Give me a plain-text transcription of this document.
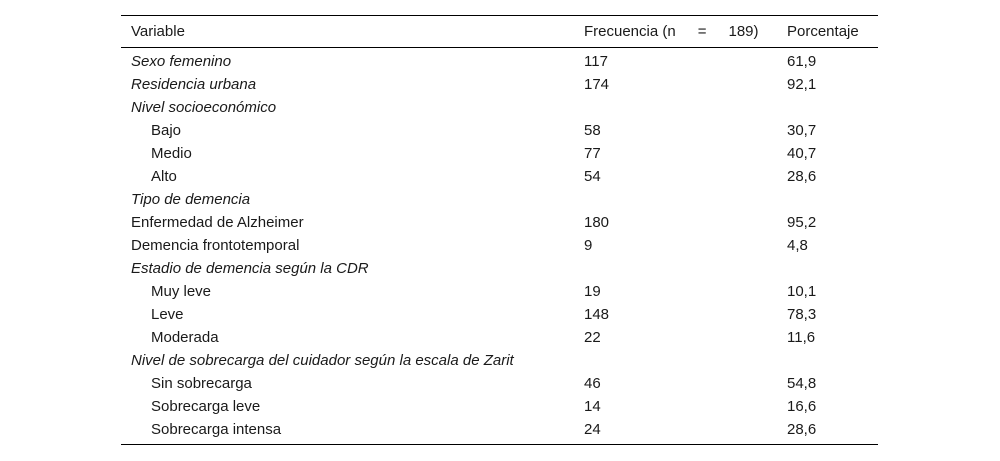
Variable	Frecuencia (n = 189)	Porcentaje
Sexo femenino	117	61,9
Residencia urbana	174	92,1
Nivel socioeconómico		
Bajo	58	30,7
Medio	77	40,7
Alto	54	28,6
Tipo de demencia		
Enfermedad de Alzheimer	180	95,2
Demencia frontotemporal	9	4,8
Estadio de demencia según la CDR		
Muy leve	19	10,1
Leve	148	78,3
Moderada	22	11,6
Nivel de sobrecarga del cuidador según la escala de Zarit		
Sin sobrecarga	46	54,8
Sobrecarga leve	14	16,6
Sobrecarga intensa	24	28,6
